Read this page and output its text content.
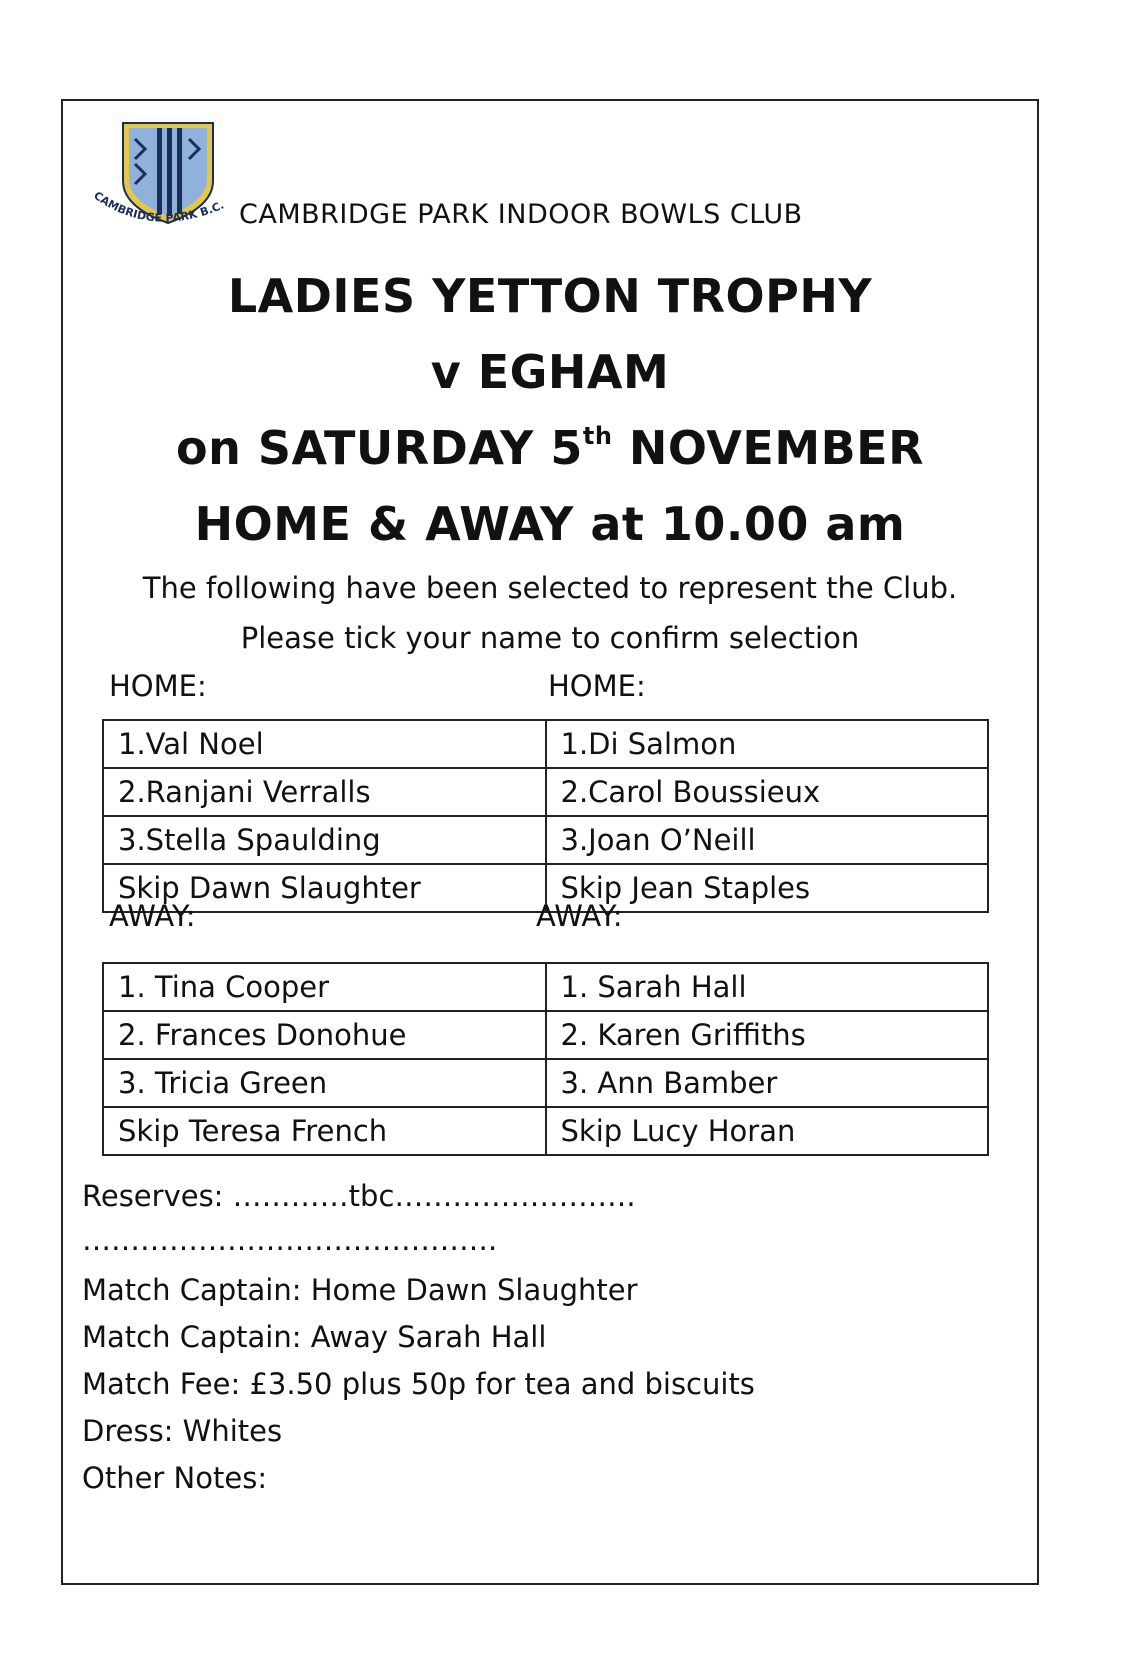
CAMBRIDGE PARK B.C. CAMBRIDGE PARK INDOOR BOWLS CLUB
LADIES YETTON TROPHY
v EGHAM
on SATURDAY 5th NOVEMBER
HOME & AWAY at 10.00 am
The following have been selected to represent the Club.
Please tick your name to confirm selection
HOME:	HOME:
1.Val Noel	1.Di Salmon
2.Ranjani Verralls	2.Carol Boussieux
3.Stella Spaulding	3.Joan O’Neill
Skip Dawn Slaughter	Skip Jean Staples
AWAY:	AWAY:
1. Tina Cooper	1. Sarah Hall
2. Frances Donohue	2. Karen Griffiths
3. Tricia Green	3. Ann Bamber
Skip Teresa French	Skip Lucy Horan
Reserves: …………tbc…………………….
…………………………………….
Match Captain: Home Dawn Slaughter
Match Captain: Away Sarah Hall
Match Fee: £3.50 plus 50p for tea and biscuits
Dress: Whites
Other Notes:
